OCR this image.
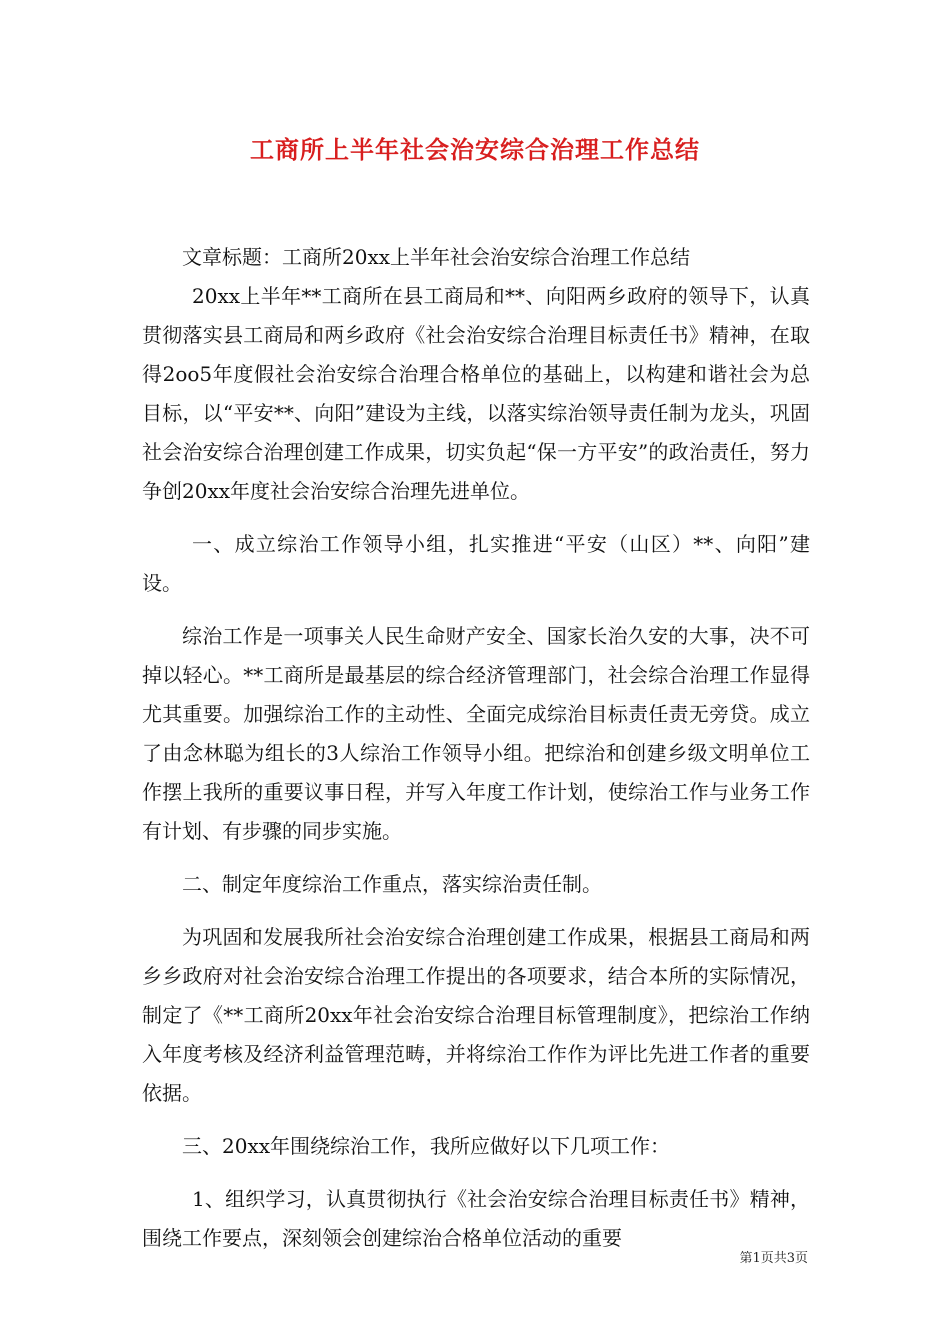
工商所上半年社会治安综合治理工作总结

文章标题：工商所20xx上半年社会治安综合治理工作总结

20xx上半年**工商所在县工商局和**、向阳两乡政府的领导下，认真贯彻落实县工商局和两乡政府《社会治安综合治理目标责任书》精神，在取得2oo5年度假社会治安综合治理合格单位的基础上，以构建和谐社会为总目标，以“平安**、向阳”建设为主线，以落实综治领导责任制为龙头，巩固社会治安综合治理创建工作成果，切实负起“保一方平安”的政治责任，努力争创20xx年度社会治安综合治理先进单位。

一、成立综治工作领导小组，扎实推进“平安（山区）**、向阳”建设。

综治工作是一项事关人民生命财产安全、国家长治久安的大事，决不可掉以轻心。**工商所是最基层的综合经济管理部门，社会综合治理工作显得尤其重要。加强综治工作的主动性、全面完成综治目标责任责无旁贷。成立了由念林聪为组长的3人综治工作领导小组。把综治和创建乡级文明单位工作摆上我所的重要议事日程，并写入年度工作计划，使综治工作与业务工作有计划、有步骤的同步实施。

二、制定年度综治工作重点，落实综治责任制。

为巩固和发展我所社会治安综合治理创建工作成果，根据县工商局和两乡乡政府对社会治安综合治理工作提出的各项要求，结合本所的实际情况，制定了《**工商所20xx年社会治安综合治理目标管理制度》，把综治工作纳入年度考核及经济利益管理范畴，并将综治工作作为评比先进工作者的重要依据。

三、20xx年围绕综治工作，我所应做好以下几项工作：

1、组织学习，认真贯彻执行《社会治安综合治理目标责任书》精神，围绕工作要点，深刻领会创建综治合格单位活动的重要

第1页共3页
